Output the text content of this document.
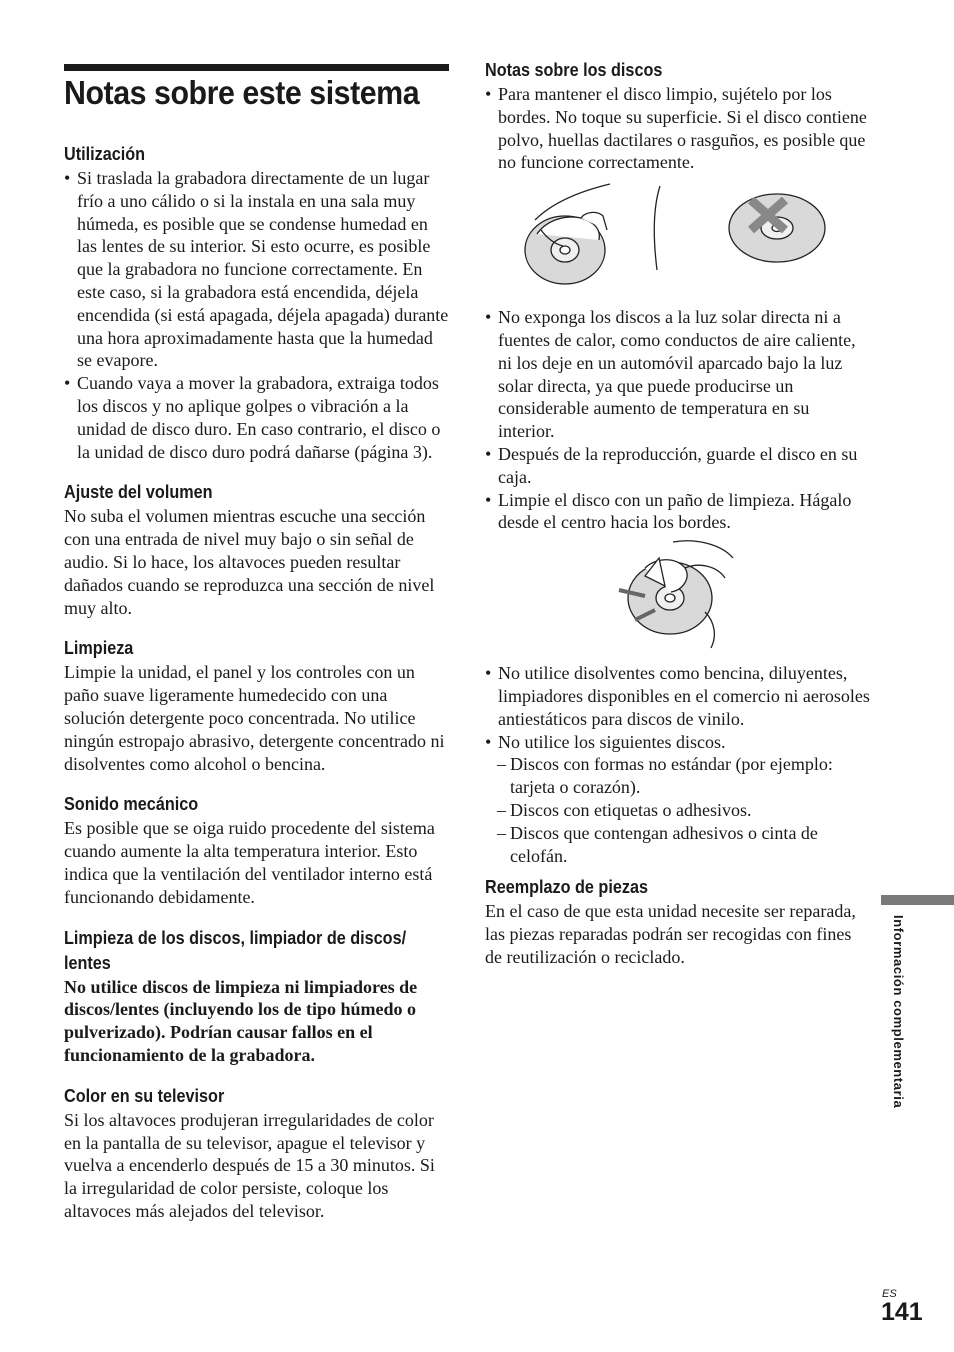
Notas sobre este sistema
Utilización
• Si traslada la grabadora directamente de un lugar frío a uno cálido o si la instala en una sala muy húmeda, es posible que se condense humedad en las lentes de su interior. Si esto ocurre, es posible que la grabadora no funcione correctamente. En este caso, si la grabadora está encendida, déjela encendida (si está apagada, déjela apagada) durante una hora aproximadamente hasta que la humedad se evapore.
• Cuando vaya a mover la grabadora, extraiga todos los discos y no aplique golpes o vibración a la unidad de disco duro. En caso contrario, el disco o la unidad de disco duro podrá dañarse (página 3).
Ajuste del volumen

No suba el volumen mientras escuche una sección con una entrada de nivel muy bajo o sin señal de audio. Si lo hace, los altavoces pueden resultar dañados cuando se reproduzca una sección de nivel muy alto.

Limpieza

Limpie la unidad, el panel y los controles con un paño suave ligeramente humedecido con una solución detergente poco concentrada. No utilice ningún estropajo abrasivo, detergente concentrado ni disolventes como alcohol o bencina.

Sonido mecánico

Es posible que se oiga ruido procedente del sistema cuando aumente la alta temperatura interior. Esto indica que la ventilación del ventilador interno está funcionando debidamente.

Limpieza de los discos, limpiador de discos/ lentes

No utilice discos de limpieza ni limpiadores de discos/lentes (incluyendo los de tipo húmedo o pulverizado). Podrían causar fallos en el funcionamiento de la grabadora.

Color en su televisor

Si los altavoces produjeran irregularidades de color en la pantalla de su televisor, apague el televisor y vuelva a encenderlo después de 15 a 30 minutos. Si la irregularidad de color persiste, coloque los altavoces más alejados del televisor.

Notas sobre los discos
• Para mantener el disco limpio, sujételo por los bordes. No toque su superficie. Si el disco contiene polvo, huellas dactilares o rasguños, es posible que no funcione correctamente.
• No exponga los discos a la luz solar directa ni a fuentes de calor, como conductos de aire caliente, ni los deje en un automóvil aparcado bajo la luz solar directa, ya que puede producirse un considerable aumento de temperatura en su interior.
• Después de la reproducción, guarde el disco en su caja.
• Limpie el disco con un paño de limpieza. Hágalo desde el centro hacia los bordes.
• No utilice disolventes como bencina, diluyentes, limpiadores disponibles en el comercio ni aerosoles antiestáticos para discos de vinilo.
• No utilice los siguientes discos.
– Discos con formas no estándar (por ejemplo: tarjeta o corazón).
– Discos con etiquetas o adhesivos.
– Discos que contengan adhesivos o cinta de celofán.
Reemplazo de piezas

En el caso de que esta unidad necesite ser reparada, las piezas reparadas podrán ser recogidas con fines de reutilización o reciclado.	Información complementaria
ES
141
